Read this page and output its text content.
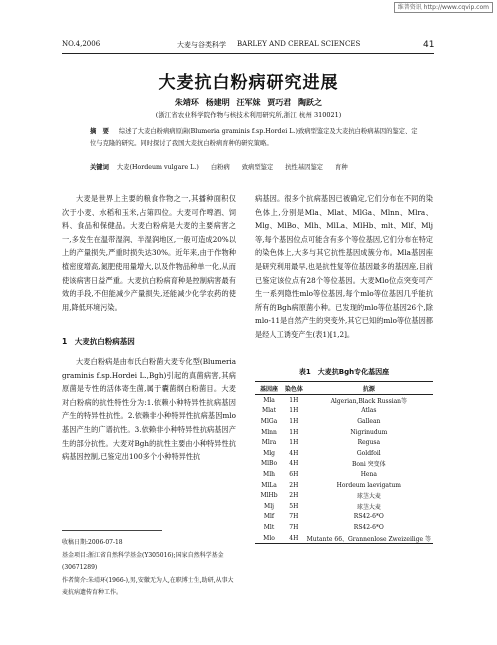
维普资讯 http://www.cqvip.com
NO.4,2006	大麦与谷类科学 BARLEY AND CEREAL SCIENCES	41
大麦抗白粉病研究进展
朱靖环 杨建明 汪军妹 贾巧君 陶跃之
(浙江省农业科学院作物与核技术利用研究所,浙江 杭州 310021)
摘　要 综述了大麦白粉病病原菌(Blumeria graminis f.sp.Hordei L.)致病型鉴定及大麦抗白粉病基因的鉴定、定位与克隆的研究。同时探讨了我国大麦抗白粉病育种的研究策略。
关键词 大麦(Hordeum vulgare L.) 白粉病 致病型鉴定 抗性基因鉴定 育种

大麦是世界上主要的粮食作物之一,其播种面积仅次于小麦、水稻和玉米,占第四位。大麦可作啤酒、饲料、食品和保健品。大麦白粉病是大麦的主要病害之一,多发生在温带湿润、半湿润地区,一般可造成20%以上的产量损失,严重时损失达30%。近年来,由于作物种植密度增高,氮肥使用量增大,以及作物品种单一化,从而使该病害日益严重。大麦抗白粉病育种是控制病害最有效的手段,不但能减少产量损失,还能减少化学农药的使用,降低环境污染。

1　大麦抗白粉病基因

大麦白粉病是由布氏白粉菌大麦专化型(Blumeria graminis f.sp.Hordei L.,Bgh)引起的真菌病害,其病原菌是专性的活体寄生菌,属于囊菌纲白粉菌目。大麦对白粉病的抗性特性分为:1.依赖小种特异性抗病基因产生的特异性抗性。2.依赖非小种特异性抗病基因mlo基因产生的广谱抗性。3.依赖非小种特异性抗病基因产生的部分抗性。大麦对Bgh的抗性主要由小种特异性抗病基因控制,已鉴定出100多个小种特异性抗

收稿日期:2006-07-18

基金项目:浙江省自然科学基金(Y305016);国家自然科学基金(30671289)

作者简介:朱靖环(1966-),男,安徽无为人,在职博士生,助研,从事大麦抗病遗传育种工作。

病基因。很多个抗病基因已被确定,它们分布在不同的染色体上,分别是Mla、Mlat、MlGa、Mlnn、Mlra、Mlg、MlBo、Mlh、MlLa、MlHb、mlt、Mlf、Mlj等,每个基因位点可能含有多个等位基因,它们分布在特定的染色体上,大多与其它抗性基因成簇分布。Mla基因座是研究利用最早,也是抗性复等位基因最多的基因座,目前已鉴定该位点有28个等位基因。大麦Mlo位点突变可产生一系列隐性mlo等位基因,每个mlo等位基因几乎能抗所有的Bgh病原菌小种。已发现的mlo等位基因26个,除mlo-11是自然产生的突变外,其它已知的mlo等位基因都是经人工诱变产生(表1)[1,2]。

表1　大麦抗Bgh专化基因座
基因座	染色体	抗源
Mla	1H	Algerian,Black Russian等
Mlat	1H	Atlas
MlGa	1H	Gallean
Mlnn	1H	Nigrinudum
Mlra	1H	Regusa
Mlg	4H	Goldfoil
MlBo	4H	Boni 突变体
Mlh	6H	Hena
MlLa	2H	Hordeum laevigatum
MlHb	2H	球茎大麦
Mlj	5H	球茎大麦
Mlf	7H	RS42-6*O
Mlt	7H	RS42-6*O
Mlo	4H	Mutante 66、Grannenlose Zweizeilige 等
